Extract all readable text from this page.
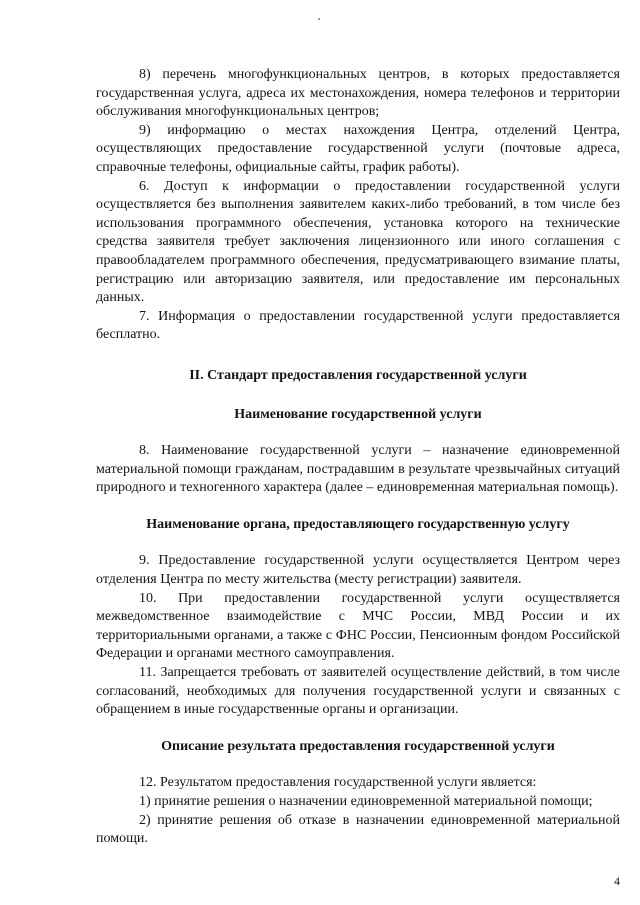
8) перечень многофункциональных центров, в которых предоставляется государственная услуга, адреса их местонахождения, номера телефонов и территории обслуживания многофункциональных центров;

9) информацию о местах нахождения Центра, отделений Центра, осуществляющих предоставление государственной услуги (почтовые адреса, справочные телефоны, официальные сайты, график работы).

6. Доступ к информации о предоставлении государственной услуги осуществляется без выполнения заявителем каких-либо требований, в том числе без использования программного обеспечения, установка которого на технические средства заявителя требует заключения лицензионного или иного соглашения с правообладателем программного обеспечения, предусматривающего взимание платы, регистрацию или авторизацию заявителя, или предоставление им персональных данных.

7. Информация о предоставлении государственной услуги предоставляется бесплатно.

II. Стандарт предоставления государственной услуги
Наименование государственной услуги

8. Наименование государственной услуги – назначение единовременной материальной помощи гражданам, пострадавшим в результате чрезвычайных ситуаций природного и техногенного характера (далее – единовременная материальная помощь).

Наименование органа, предоставляющего государственную услугу

9. Предоставление государственной услуги осуществляется Центром через отделения Центра по месту жительства (месту регистрации) заявителя.

10. При предоставлении государственной услуги осуществляется межведомственное взаимодействие с МЧС России, МВД России и их территориальными органами, а также с ФНС России, Пенсионным фондом Российской Федерации и органами местного самоуправления.

11. Запрещается требовать от заявителей осуществление действий, в том числе согласований, необходимых для получения государственной услуги и связанных с обращением в иные государственные органы и организации.

Описание результата предоставления государственной услуги

12. Результатом предоставления государственной услуги является:

1) принятие решения о назначении единовременной материальной помощи;

2) принятие решения об отказе в назначении единовременной материальной помощи.

4
